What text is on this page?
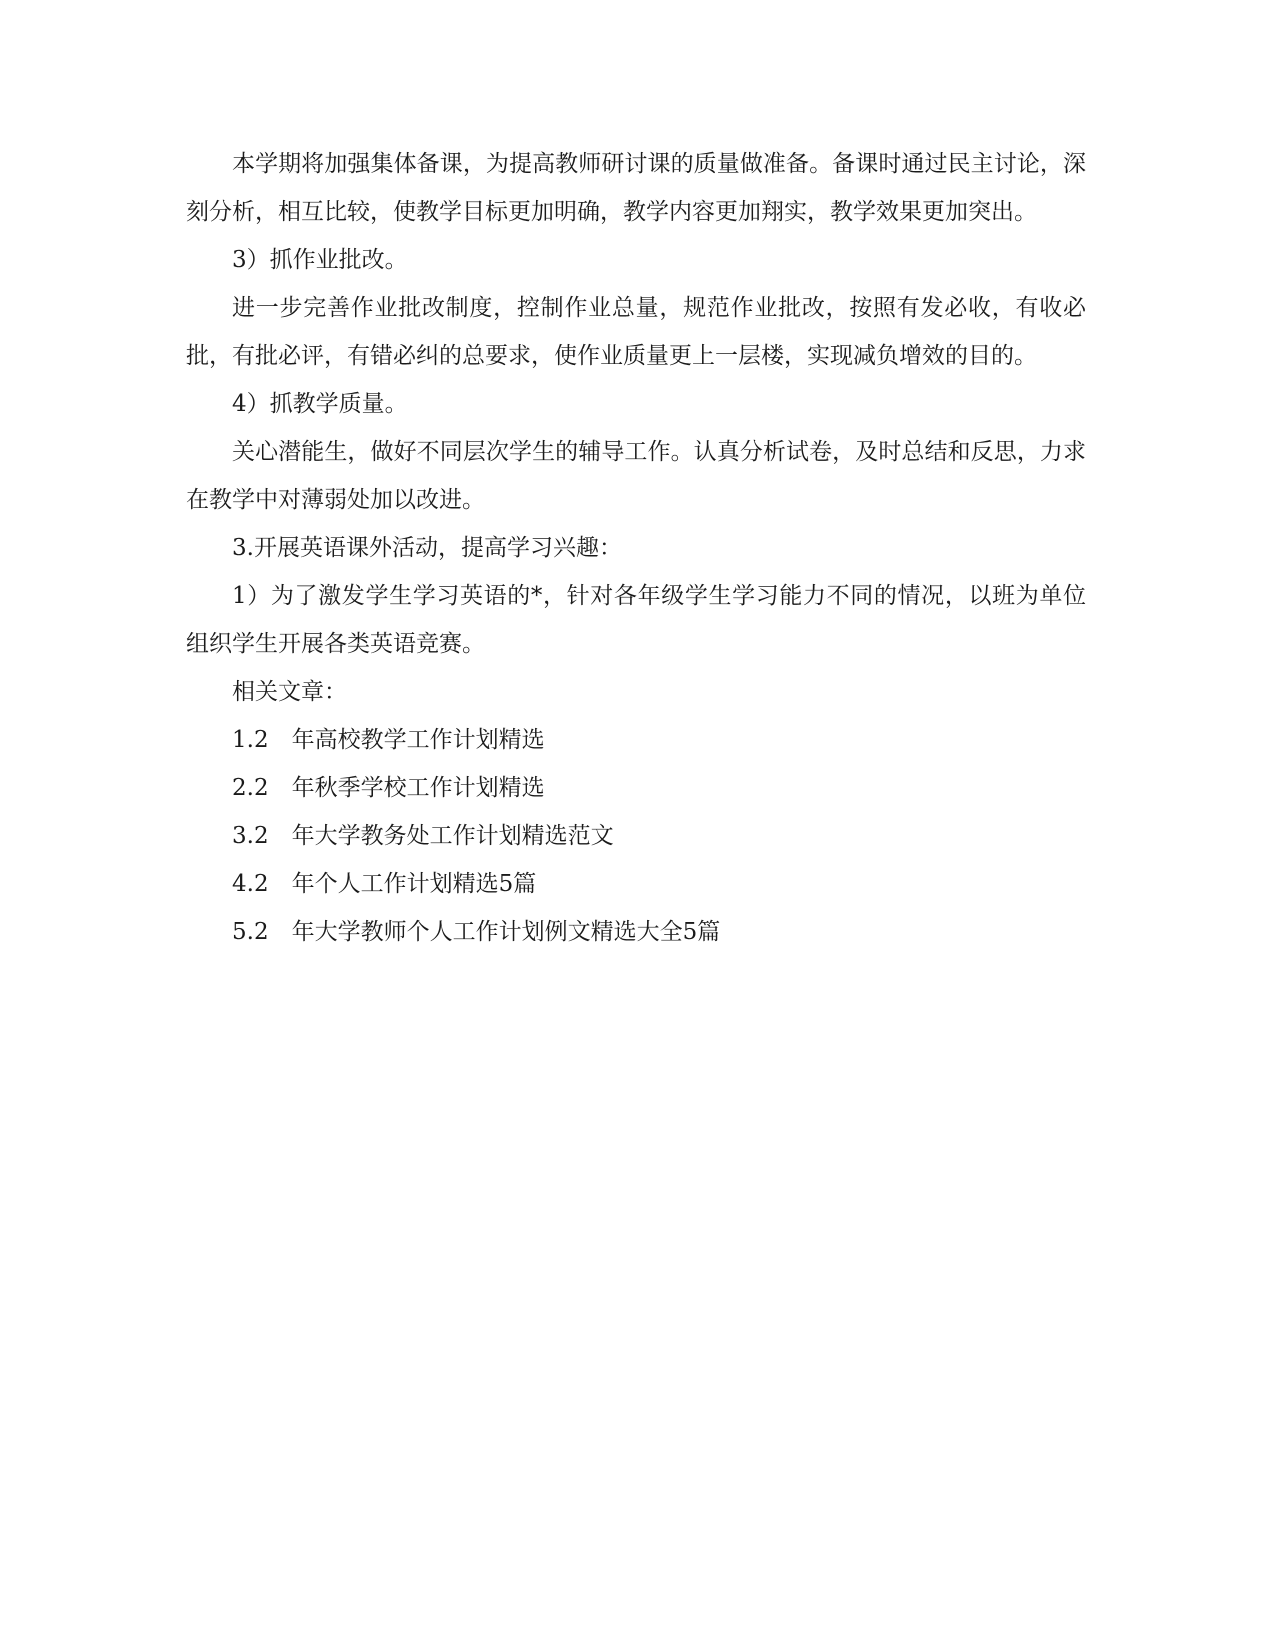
本学期将加强集体备课，为提高教师研讨课的质量做准备。备课时通过民主讨论，深刻分析，相互比较，使教学目标更加明确，教学内容更加翔实，教学效果更加突出。

3）抓作业批改。

进一步完善作业批改制度，控制作业总量，规范作业批改，按照有发必收，有收必批，有批必评，有错必纠的总要求，使作业质量更上一层楼，实现减负增效的目的。

4）抓教学质量。

关心潜能生，做好不同层次学生的辅导工作。认真分析试卷，及时总结和反思，力求在教学中对薄弱处加以改进。

3.开展英语课外活动，提高学习兴趣：

1）为了激发学生学习英语的*，针对各年级学生学习能力不同的情况，以班为单位组织学生开展各类英语竞赛。

相关文章：

1.2　年高校教学工作计划精选
2.2　年秋季学校工作计划精选
3.2　年大学教务处工作计划精选范文
4.2　年个人工作计划精选5篇
5.2　年大学教师个人工作计划例文精选大全5篇
